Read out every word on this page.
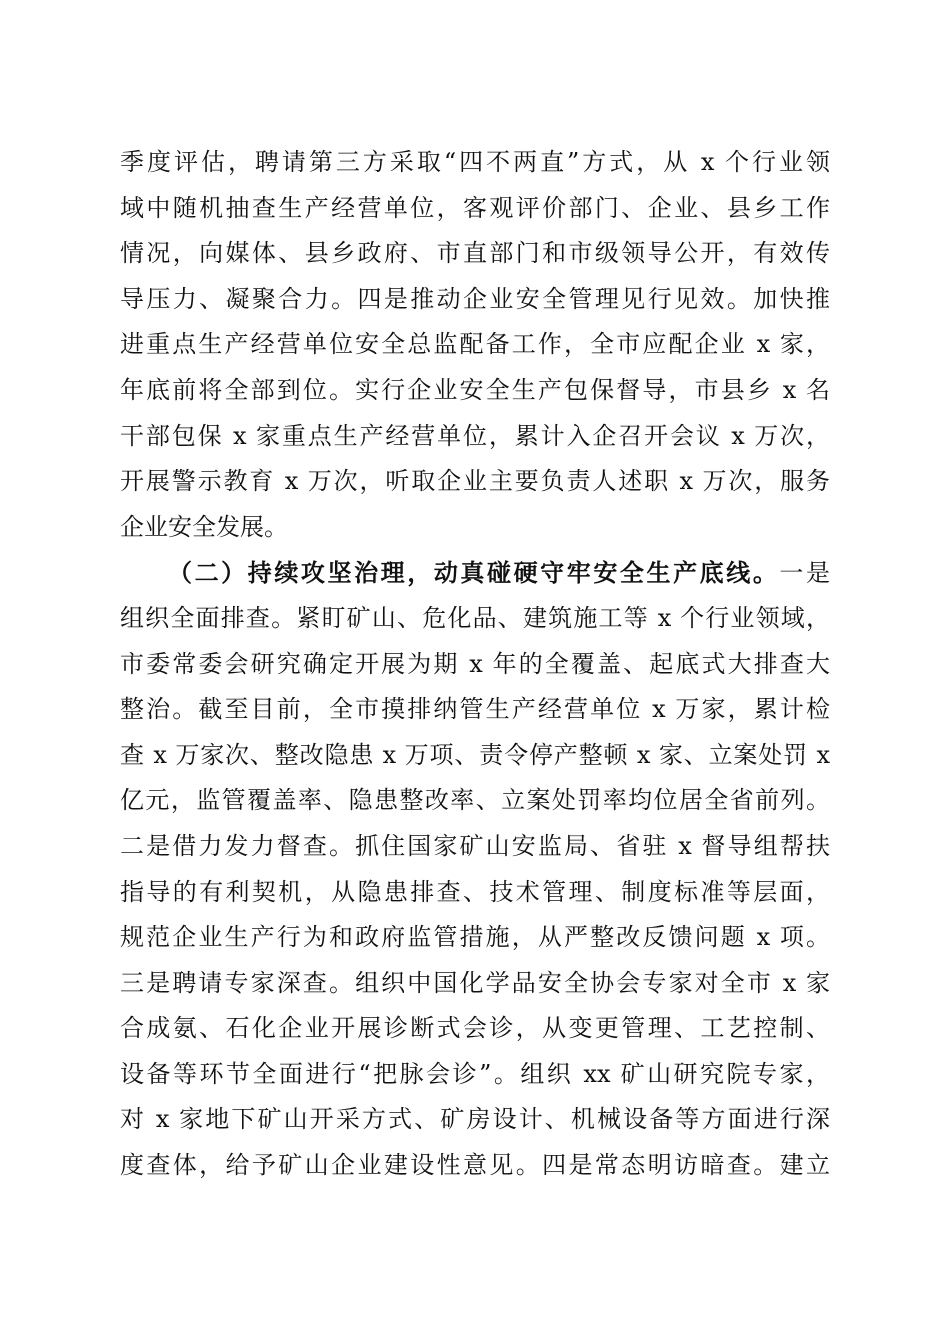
季度评估，聘请第三方采取“四不两直”方式，从 x 个行业领
域中随机抽查生产经营单位，客观评价部门、企业、县乡工作
情况，向媒体、县乡政府、市直部门和市级领导公开，有效传
导压力、凝聚合力。四是推动企业安全管理见行见效。加快推
进重点生产经营单位安全总监配备工作，全市应配企业 x 家，
年底前将全部到位。实行企业安全生产包保督导，市县乡 x 名
干部包保 x 家重点生产经营单位，累计入企召开会议 x 万次，
开展警示教育 x 万次，听取企业主要负责人述职 x 万次，服务
企业安全发展。
（二）持续攻坚治理，动真碰硬守牢安全生产底线。一是
组织全面排查。紧盯矿山、危化品、建筑施工等 x 个行业领域，
市委常委会研究确定开展为期 x 年的全覆盖、起底式大排查大
整治。截至目前，全市摸排纳管生产经营单位 x 万家，累计检
查 x 万家次、整改隐患 x 万项、责令停产整顿 x 家、立案处罚 x
亿元，监管覆盖率、隐患整改率、立案处罚率均位居全省前列。
二是借力发力督查。抓住国家矿山安监局、省驻 x 督导组帮扶
指导的有利契机，从隐患排查、技术管理、制度标准等层面，
规范企业生产行为和政府监管措施，从严整改反馈问题 x 项。
三是聘请专家深查。组织中国化学品安全协会专家对全市 x 家
合成氨、石化企业开展诊断式会诊，从变更管理、工艺控制、
设备等环节全面进行“把脉会诊”。组织 xx 矿山研究院专家，
对 x 家地下矿山开采方式、矿房设计、机械设备等方面进行深
度查体，给予矿山企业建设性意见。四是常态明访暗查。建立
